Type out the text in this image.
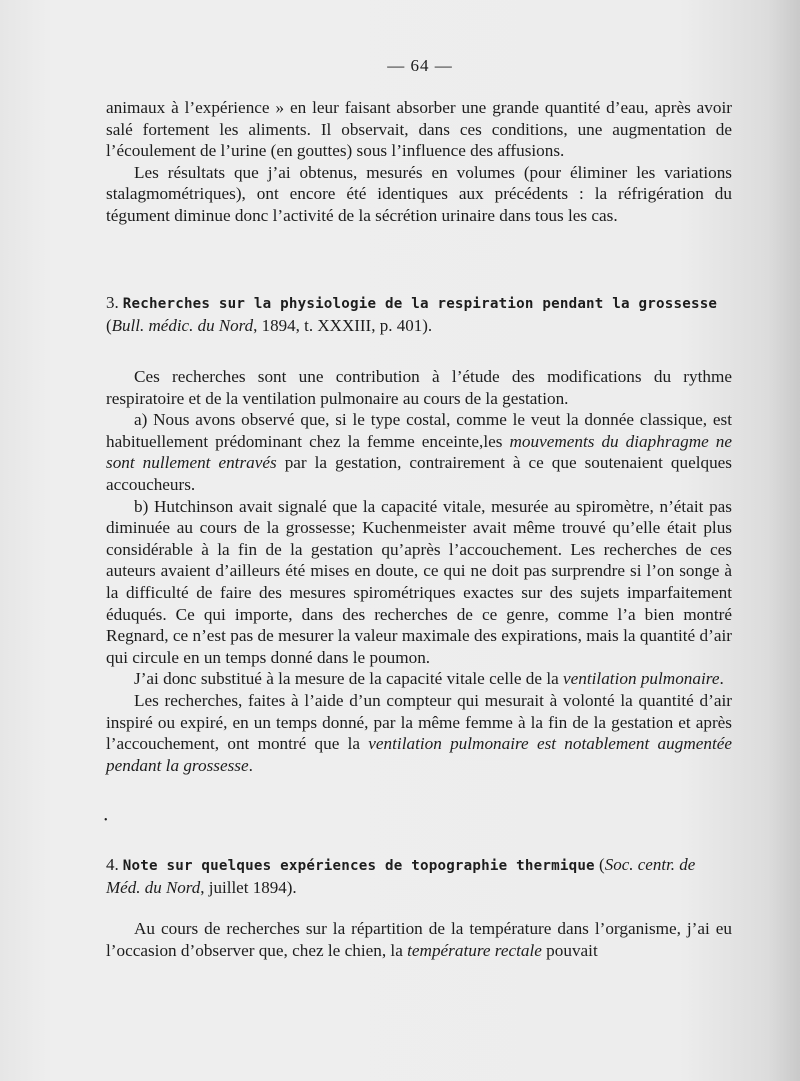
— 64 —

animaux à l’expérience » en leur faisant absorber une grande quantité d’eau, après avoir salé fortement les aliments. Il observait, dans ces conditions, une augmentation de l’écoulement de l’urine (en gouttes) sous l’influence des affusions.

Les résultats que j’ai obtenus, mesurés en volumes (pour éliminer les variations stalagmométriques), ont encore été identiques aux précédents : la réfrigération du tégument diminue donc l’activité de la sécrétion urinaire dans tous les cas.

3. Recherches sur la physiologie de la respiration pendant la grossesse (Bull. médic. du Nord, 1894, t. XXXIII, p. 401).

Ces recherches sont une contribution à l’étude des modifications du rythme respiratoire et de la ventilation pulmonaire au cours de la gestation.

a) Nous avons observé que, si le type costal, comme le veut la donnée classique, est habituellement prédominant chez la femme enceinte,les mouvements du diaphragme ne sont nullement entravés par la gestation, contrairement à ce que soutenaient quelques accoucheurs.

b) Hutchinson avait signalé que la capacité vitale, mesurée au spiromètre, n’était pas diminuée au cours de la grossesse; Kuchenmeister avait même trouvé qu’elle était plus considérable à la fin de la gestation qu’après l’accouchement. Les recherches de ces auteurs avaient d’ailleurs été mises en doute, ce qui ne doit pas surprendre si l’on songe à la difficulté de faire des mesures spirométriques exactes sur des sujets imparfaitement éduqués. Ce qui importe, dans des recherches de ce genre, comme l’a bien montré Regnard, ce n’est pas de mesurer la valeur maximale des expirations, mais la quantité d’air qui circule en un temps donné dans le poumon.

J’ai donc substitué à la mesure de la capacité vitale celle de la ventilation pulmonaire.

Les recherches, faites à l’aide d’un compteur qui mesurait à volonté la quantité d’air inspiré ou expiré, en un temps donné, par la même femme à la fin de la gestation et après l’accouchement, ont montré que la ventilation pulmonaire est notablement augmentée pendant la grossesse.

•
4. Note sur quelques expériences de topographie thermique (Soc. centr. de Méd. du Nord, juillet 1894).

Au cours de recherches sur la répartition de la température dans l’organisme, j’ai eu l’occasion d’observer que, chez le chien, la température rectale pouvait
